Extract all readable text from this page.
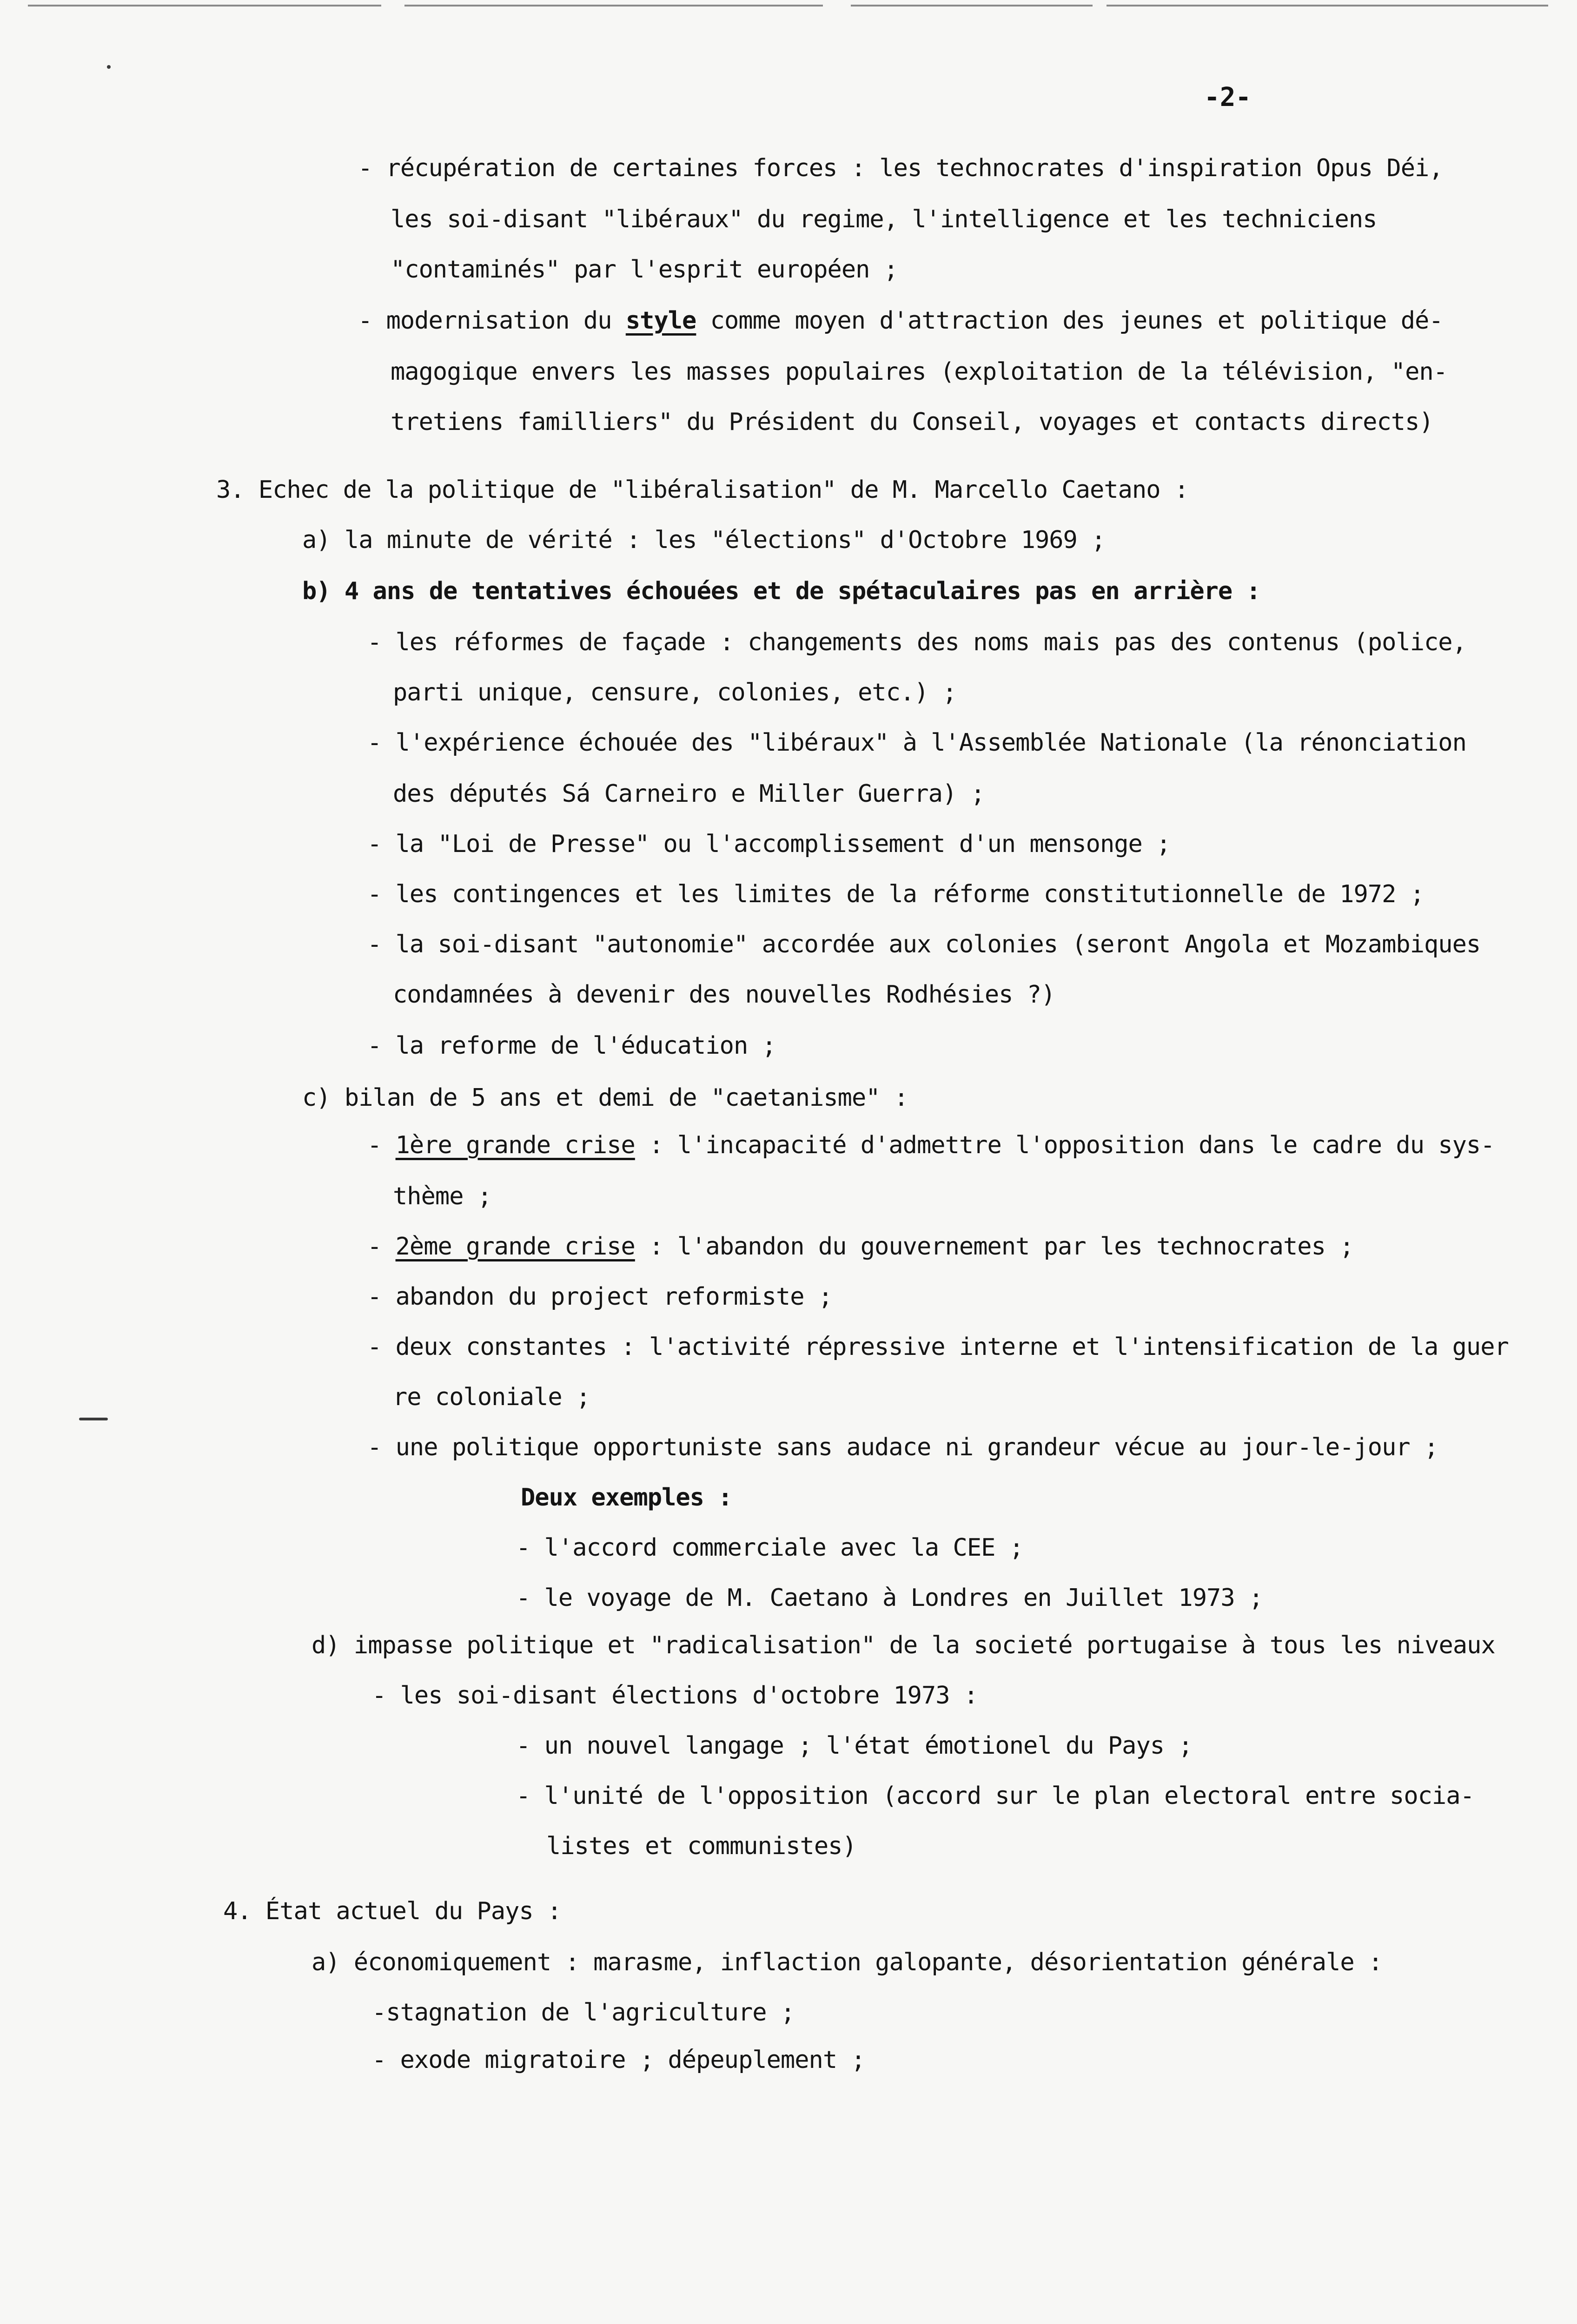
-2-
- récupération de certaines forces : les technocrates d'inspiration Opus Déi,
les soi-disant "libéraux" du regime, l'intelligence et les techniciens
"contaminés" par l'esprit européen ;
- modernisation du style comme moyen d'attraction des jeunes et politique dé-
magogique envers les masses populaires (exploitation de la télévision, "en-
tretiens familliers" du Président du Conseil, voyages et contacts directs)
3. Echec de la politique de "libéralisation" de M. Marcello Caetano :
a) la minute de vérité : les "élections" d'Octobre 1969 ;
b) 4 ans de tentatives échouées et de spétaculaires pas en arrière :
- les réformes de façade : changements des noms mais pas des contenus (police,
parti unique, censure, colonies, etc.) ;
- l'expérience échouée des "libéraux" à l'Assemblée Nationale (la rénonciation
des députés Sá Carneiro e Miller Guerra) ;
- la "Loi de Presse" ou l'accomplissement d'un mensonge ;
- les contingences et les limites de la réforme constitutionnelle de 1972 ;
- la soi-disant "autonomie" accordée aux colonies (seront Angola et Mozambiques
condamnées à devenir des nouvelles Rodhésies ?)
- la reforme de l'éducation ;
c) bilan de 5 ans et demi de "caetanisme" :
- 1ère grande crise : l'incapacité d'admettre l'opposition dans le cadre du sys-
thème ;
- 2ème grande crise : l'abandon du gouvernement par les technocrates ;
- abandon du project reformiste ;
- deux constantes : l'activité répressive interne et l'intensification de la guer
re coloniale ;
- une politique opportuniste sans audace ni grandeur vécue au jour-le-jour ;
Deux exemples :
- l'accord commerciale avec la CEE ;
- le voyage de M. Caetano à Londres en Juillet 1973 ;
d) impasse politique et "radicalisation" de la societé portugaise à tous les niveaux
- les soi-disant élections d'octobre 1973 :
- un nouvel langage ; l'état émotionel du Pays ;
- l'unité de l'opposition (accord sur le plan electoral entre socia-
listes et communistes)
4. État actuel du Pays :
a) économiquement : marasme, inflaction galopante, désorientation générale :
-stagnation de l'agriculture ;
- exode migratoire ; dépeuplement ;
